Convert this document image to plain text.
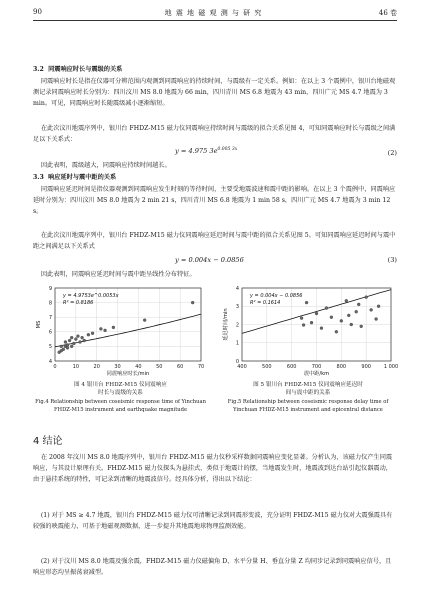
90	地 震 地 磁 观 测 与 研 究	46 卷
3.2  同震响应时长与震级的关系
同震响应时长是指在仪器可分辨范围内观测到同震响应的持续时间，与震级有一定关系。例如：在以上 3 个震例中，银川台地磁观测记录同震响应时长分别为：四川汶川 MS 8.0 地震为 66 min，四川青川 MS 6.8 地震为 43 min，四川广元 MS 4.7 地震为 3 min。可见，同震响应时长随震级减小逐渐缩短。
在此次汶川地震序列中，银川台 FHDZ-M15 磁力仪同震响应持续时间与震级的拟合关系见图 4，可知同震响应时长与震级之间满足以下关系式：
y = 4.975 $3e^{0.005 3x}$	(2)
因此表明，震级越大，同震响应持续时间越长。
3.3  响应延时与震中距的关系
同震响应延迟时间是指仪器观测到同震响应发生时刻的等待时间，主要受地震波速和震中距的影响。在以上 3 个震例中，同震响应延时分别为：四川汶川 MS 8.0 地震为 2 min 21 s，四川青川 MS 6.8 地震为 1 min 58 s，四川广元 MS 4.7 地震为 3 min 12 s。
在此次汶川地震序列中，银川台 FHDZ-M15 磁力仪同震响应延迟时间与震中距的拟合关系见图 5。可知同震响应延迟时间与震中距之间满足以下关系式
y = 0.004x − 0.0856	(3)
因此表明，同震响应延迟时间与震中距呈线性分布特征。
0	10	20	30	40	50	60	70
4
5
6
7
8
9
y = 4.9753e^0.0053x
R² = 0.8186
同震响应时长/min
MS
400	500	600	700	800	900	1 000
0
1
2
3
4
y = 0.004x − 0.0856
R² = 0.1614
震中距/km
延迟时间/min
图 4 银川台 FHDZ-M15 仪同震响应
时长与震级的关系
Fig.4 Relationship between coseismic response time of Yinchuan FHDZ-M15 instrument and earthquake magnitude
图 5 银川台 FHDZ-M15 仪同震响应延迟时
间与震中距的关系
Fig.5 Relationship between coseismic response delay time of Yinchuan FHDZ-M15 instrument and epicentral distance
4 结论
在 2008 年汶川 MS 8.0 地震序列中，银川台 FHDZ-M15 磁力仪秒采样数据同震响应变化显著。分析认为，该磁力仪产生同震响应，与其设计原理有关。FHDZ-M15 磁力仪探头为悬挂式，类似于地震计的摆，当地震发生时，地震波到达台站引起仪器震动，由于悬挂系统的特性，可记录到清晰的地震波信号。经具体分析，得出以下结论：
(1) 对于 MS ≥ 4.7 地震，银川台 FHDZ-M15 磁力仪可清晰记录到同震形变波，充分证明 FHDZ-M15 磁力仪对大震强震具有较强的映震能力，可基于地磁观测数据，进一步提升其地震地球物理监测效能。
(2) 对于汶川 MS 8.0 地震及强余震，FHDZ-M15 磁力仪磁偏角 D、水平分量 H、垂直分量 Z 均同步记录到同震响应信号，且响应形态均呈振荡衰减型。
